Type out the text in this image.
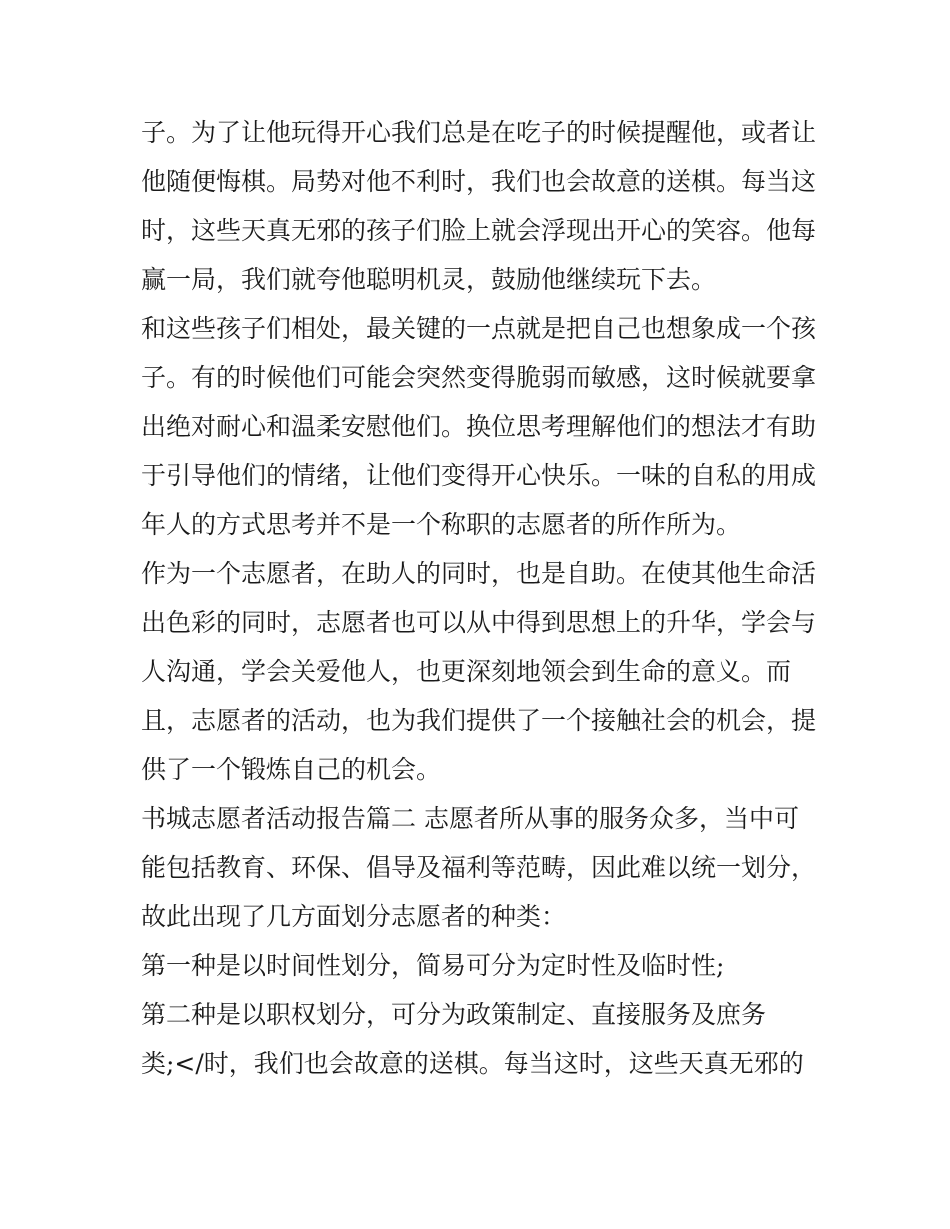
子。为了让他玩得开心我们总是在吃子的时候提醒他，或者让
他随便悔棋。局势对他不利时，我们也会故意的送棋。每当这
时，这些天真无邪的孩子们脸上就会浮现出开心的笑容。他每
赢一局，我们就夸他聪明机灵，鼓励他继续玩下去。
和这些孩子们相处，最关键的一点就是把自己也想象成一个孩
子。有的时候他们可能会突然变得脆弱而敏感，这时候就要拿
出绝对耐心和温柔安慰他们。换位思考理解他们的想法才有助
于引导他们的情绪，让他们变得开心快乐。一味的自私的用成
年人的方式思考并不是一个称职的志愿者的所作所为。
作为一个志愿者，在助人的同时，也是自助。在使其他生命活
出色彩的同时，志愿者也可以从中得到思想上的升华，学会与
人沟通，学会关爱他人，也更深刻地领会到生命的意义。而
且，志愿者的活动，也为我们提供了一个接触社会的机会，提
供了一个锻炼自己的机会。
书城志愿者活动报告篇二 志愿者所从事的服务众多，当中可
能包括教育、环保、倡导及福利等范畴，因此难以统一划分，
故此出现了几方面划分志愿者的种类：
第一种是以时间性划分，简易可分为定时性及临时性;
第二种是以职权划分，可分为政策制定、直接服务及庶务
类;</时，我们也会故意的送棋。每当这时，这些天真无邪的
